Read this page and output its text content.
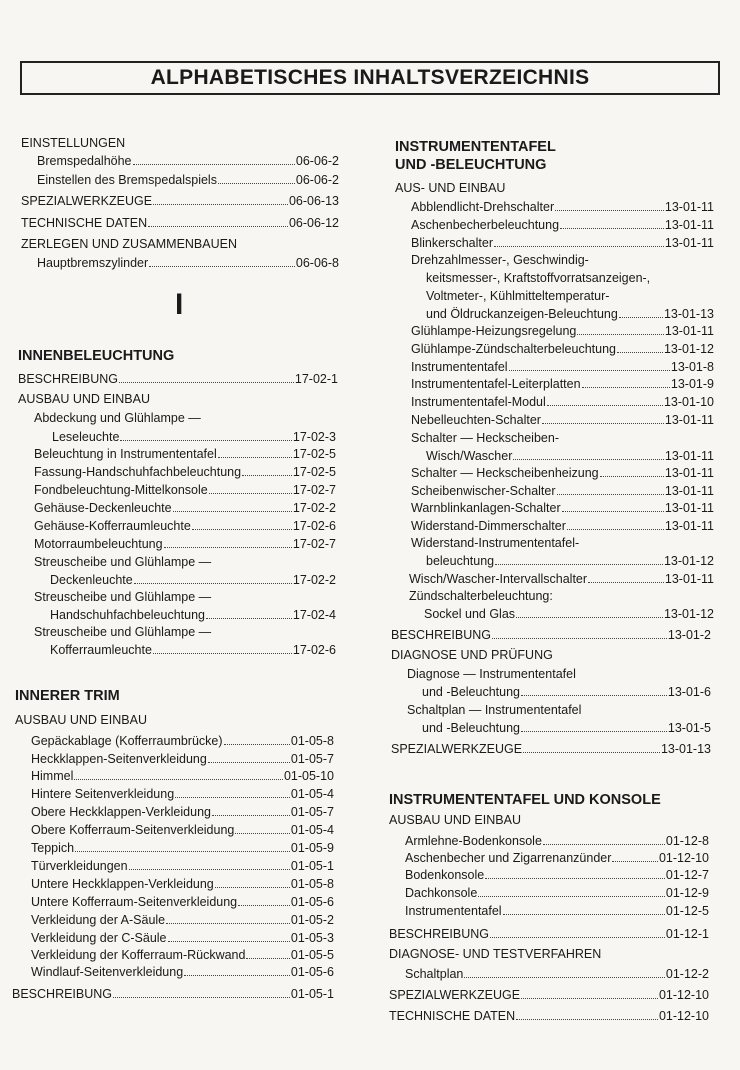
ALPHABETISCHES INHALTSVERZEICHNIS
EINSTELLUNGEN
Bremspedalhöhe	06-06-2
Einstellen des Bremspedalspiels	06-06-2
SPEZIALWERKZEUGE	06-06-13
TECHNISCHE DATEN	06-06-12
ZERLEGEN UND ZUSAMMENBAUEN
Hauptbremszylinder	06-06-8
I
INNENBELEUCHTUNG
BESCHREIBUNG	17-02-1
AUSBAU UND EINBAU
Abdeckung und Glühlampe —
Leseleuchte	17-02-3
Beleuchtung in Instrumententafel	17-02-5
Fassung-Handschuhfachbeleuchtung	17-02-5
Fondbeleuchtung-Mittelkonsole	17-02-7
Gehäuse-Deckenleuchte	17-02-2
Gehäuse-Kofferraumleuchte	17-02-6
Motorraumbeleuchtung	17-02-7
Streuscheibe und Glühlampe —
Deckenleuchte	17-02-2
Streuscheibe und Glühlampe —
Handschuhfachbeleuchtung	17-02-4
Streuscheibe und Glühlampe —
Kofferraumleuchte	17-02-6
INNERER TRIM
AUSBAU UND EINBAU
Gepäckablage (Kofferraumbrücke)	01-05-8
Heckklappen-Seitenverkleidung	01-05-7
Himmel	01-05-10
Hintere Seitenverkleidung	01-05-4
Obere Heckklappen-Verkleidung	01-05-7
Obere Kofferraum-Seitenverkleidung	01-05-4
Teppich	01-05-9
Türverkleidungen	01-05-1
Untere Heckklappen-Verkleidung	01-05-8
Untere Kofferraum-Seitenverkleidung	01-05-6
Verkleidung der A-Säule	01-05-2
Verkleidung der C-Säule	01-05-3
Verkleidung der Kofferraum-Rückwand	01-05-5
Windlauf-Seitenverkleidung	01-05-6
BESCHREIBUNG	01-05-1
INSTRUMENTENTAFEL
UND -BELEUCHTUNG
AUS- UND EINBAU
Abblendlicht-Drehschalter	13-01-11
Aschenbecherbeleuchtung	13-01-11
Blinkerschalter	13-01-11
Drehzahlmesser-, Geschwindig-
keitsmesser-, Kraftstoffvorratsanzeigen-,
Voltmeter-, Kühlmitteltemperatur-
und Öldruckanzeigen-Beleuchtung	13-01-13
Glühlampe-Heizungsregelung	13-01-11
Glühlampe-Zündschalterbeleuchtung	13-01-12
Instrumententafel	13-01-8
Instrumententafel-Leiterplatten	13-01-9
Instrumententafel-Modul	13-01-10
Nebelleuchten-Schalter	13-01-11
Schalter — Heckscheiben-
Wisch/Wascher	13-01-11
Schalter — Heckscheibenheizung	13-01-11
Scheibenwischer-Schalter	13-01-11
Warnblinkanlagen-Schalter	13-01-11
Widerstand-Dimmerschalter	13-01-11
Widerstand-Instrumententafel-
beleuchtung	13-01-12
Wisch/Wascher-Intervallschalter	13-01-11
Zündschalterbeleuchtung:
Sockel und Glas	13-01-12
BESCHREIBUNG	13-01-2
DIAGNOSE UND PRÜFUNG
Diagnose — Instrumententafel
und -Beleuchtung	13-01-6
Schaltplan — Instrumententafel
und -Beleuchtung	13-01-5
SPEZIALWERKZEUGE	13-01-13
INSTRUMENTENTAFEL UND KONSOLE
AUSBAU UND EINBAU
Armlehne-Bodenkonsole	01-12-8
Aschenbecher und Zigarrenanzünder	01-12-10
Bodenkonsole	01-12-7
Dachkonsole	01-12-9
Instrumententafel	01-12-5
BESCHREIBUNG	01-12-1
DIAGNOSE- UND TESTVERFAHREN
Schaltplan	01-12-2
SPEZIALWERKZEUGE	01-12-10
TECHNISCHE DATEN	01-12-10
